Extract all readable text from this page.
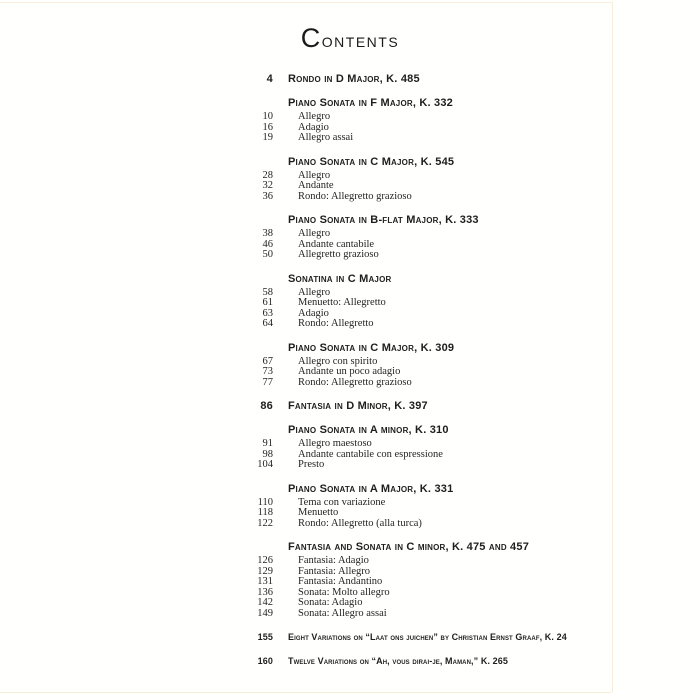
Contents
4 Rondo in D Major, K. 485
Piano Sonata in F Major, K. 332
10 Allegro
16 Adagio
19 Allegro assai
Piano Sonata in C Major, K. 545
28 Allegro
32 Andante
36 Rondo: Allegretto grazioso
Piano Sonata in B-flat Major, K. 333
38 Allegro
46 Andante cantabile
50 Allegretto grazioso
Sonatina in C Major
58 Allegro
61 Menuetto: Allegretto
63 Adagio
64 Rondo: Allegretto
Piano Sonata in C Major, K. 309
67 Allegro con spirito
73 Andante un poco adagio
77 Rondo: Allegretto grazioso
86 Fantasia in D Minor, K. 397
Piano Sonata in A minor, K. 310
91 Allegro maestoso
98 Andante cantabile con espressione
104 Presto
Piano Sonata in A Major, K. 331
110 Tema con variazione
118 Menuetto
122 Rondo: Allegretto (alla turca)
Fantasia and Sonata in C minor, K. 475 and 457
126 Fantasia: Adagio
129 Fantasia: Allegro
131 Fantasia: Andantino
136 Sonata: Molto allegro
142 Sonata: Adagio
149 Sonata: Allegro assai
155 Eight Variations on “Laat ons juichen” by Christian Ernst Graaf, K. 24
160 Twelve Variations on “Ah, vous dirai-je, Maman,” K. 265
